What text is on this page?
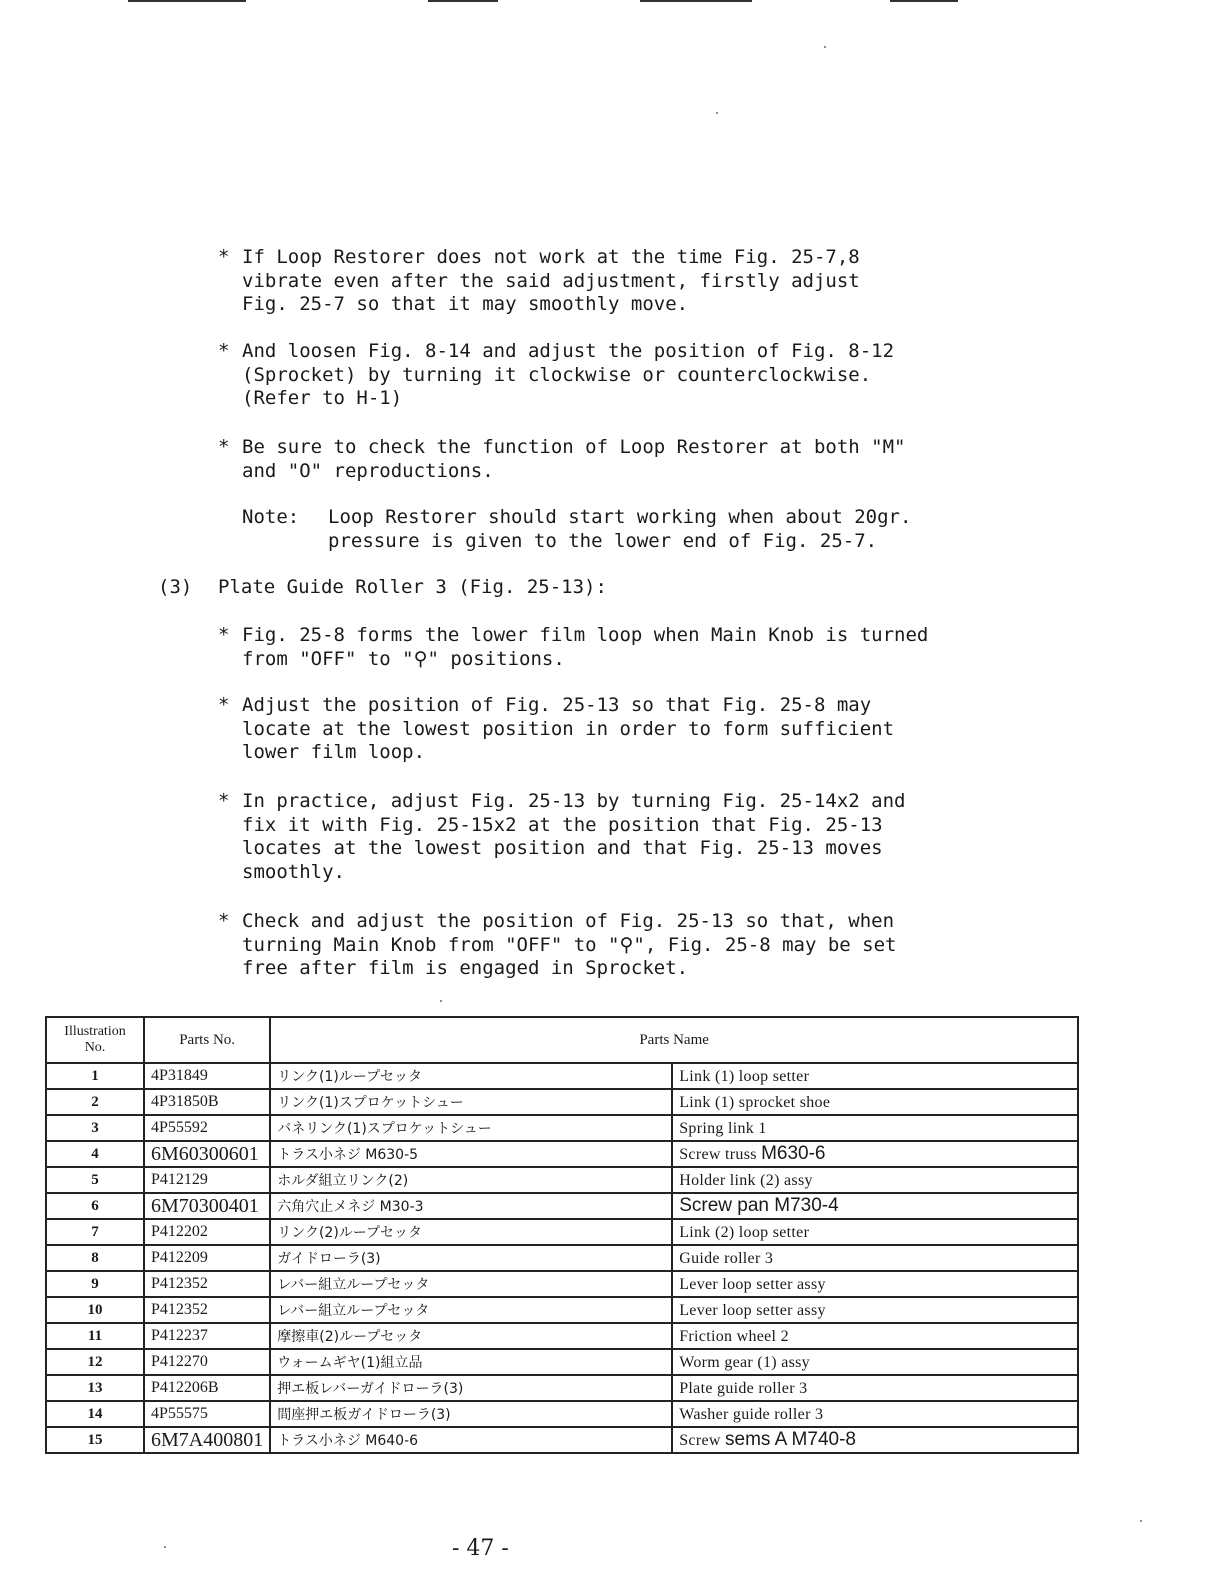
* If Loop Restorer does not work at the time Fig. 25-7,8
vibrate even after the said adjustment, firstly adjust
Fig. 25-7 so that it may smoothly move.
* And loosen Fig. 8-14 and adjust the position of Fig. 8-12
(Sprocket) by turning it clockwise or counterclockwise.
(Refer to H-1)
* Be sure to check the function of Loop Restorer at both "M"
and "O" reproductions.
Note: Loop Restorer should start working when about 20gr.
pressure is given to the lower end of Fig. 25-7.
(3) Plate Guide Roller 3 (Fig. 25-13):
* Fig. 25-8 forms the lower film loop when Main Knob is turned
from "OFF" to "⚲" positions.
* Adjust the position of Fig. 25-13 so that Fig. 25-8 may
locate at the lowest position in order to form sufficient
lower film loop.
* In practice, adjust Fig. 25-13 by turning Fig. 25-14x2 and
fix it with Fig. 25-15x2 at the position that Fig. 25-13
locates at the lowest position and that Fig. 25-13 moves
smoothly.
* Check and adjust the position of Fig. 25-13 so that, when
turning Main Knob from "OFF" to "⚲", Fig. 25-8 may be set
free after film is engaged in Sprocket.
Illustration No.	Parts No.	Parts Name	
1	4P31849	リンク(1)ループセッタ	Link (1) loop setter
2	4P31850B	リンク(1)スプロケットシュー	Link (1) sprocket shoe
3	4P55592	バネリンク(1)スプロケットシュー	Spring link 1
4	6M60300601	トラス小ネジ M630-5	Screw truss M630-6
5	P412129	ホルダ組立リンク(2)	Holder link (2) assy
6	6M70300401	六角穴止メネジ M30-3	Screw pan M730-4
7	P412202	リンク(2)ループセッタ	Link (2) loop setter
8	P412209	ガイドローラ(3)	Guide roller 3
9	P412352	レバー組立ループセッタ	Lever loop setter assy
10	P412352	レバー組立ループセッタ	Lever loop setter assy
11	P412237	摩擦車(2)ループセッタ	Friction wheel 2
12	P412270	ウォームギヤ(1)組立品	Worm gear (1) assy
13	P412206B	押エ板レバーガイドローラ(3)	Plate guide roller 3
14	4P55575	間座押エ板ガイドローラ(3)	Washer guide roller 3
15	6M7A400801	トラス小ネジ M640-6	Screw sems A M740-8
- 47 -
